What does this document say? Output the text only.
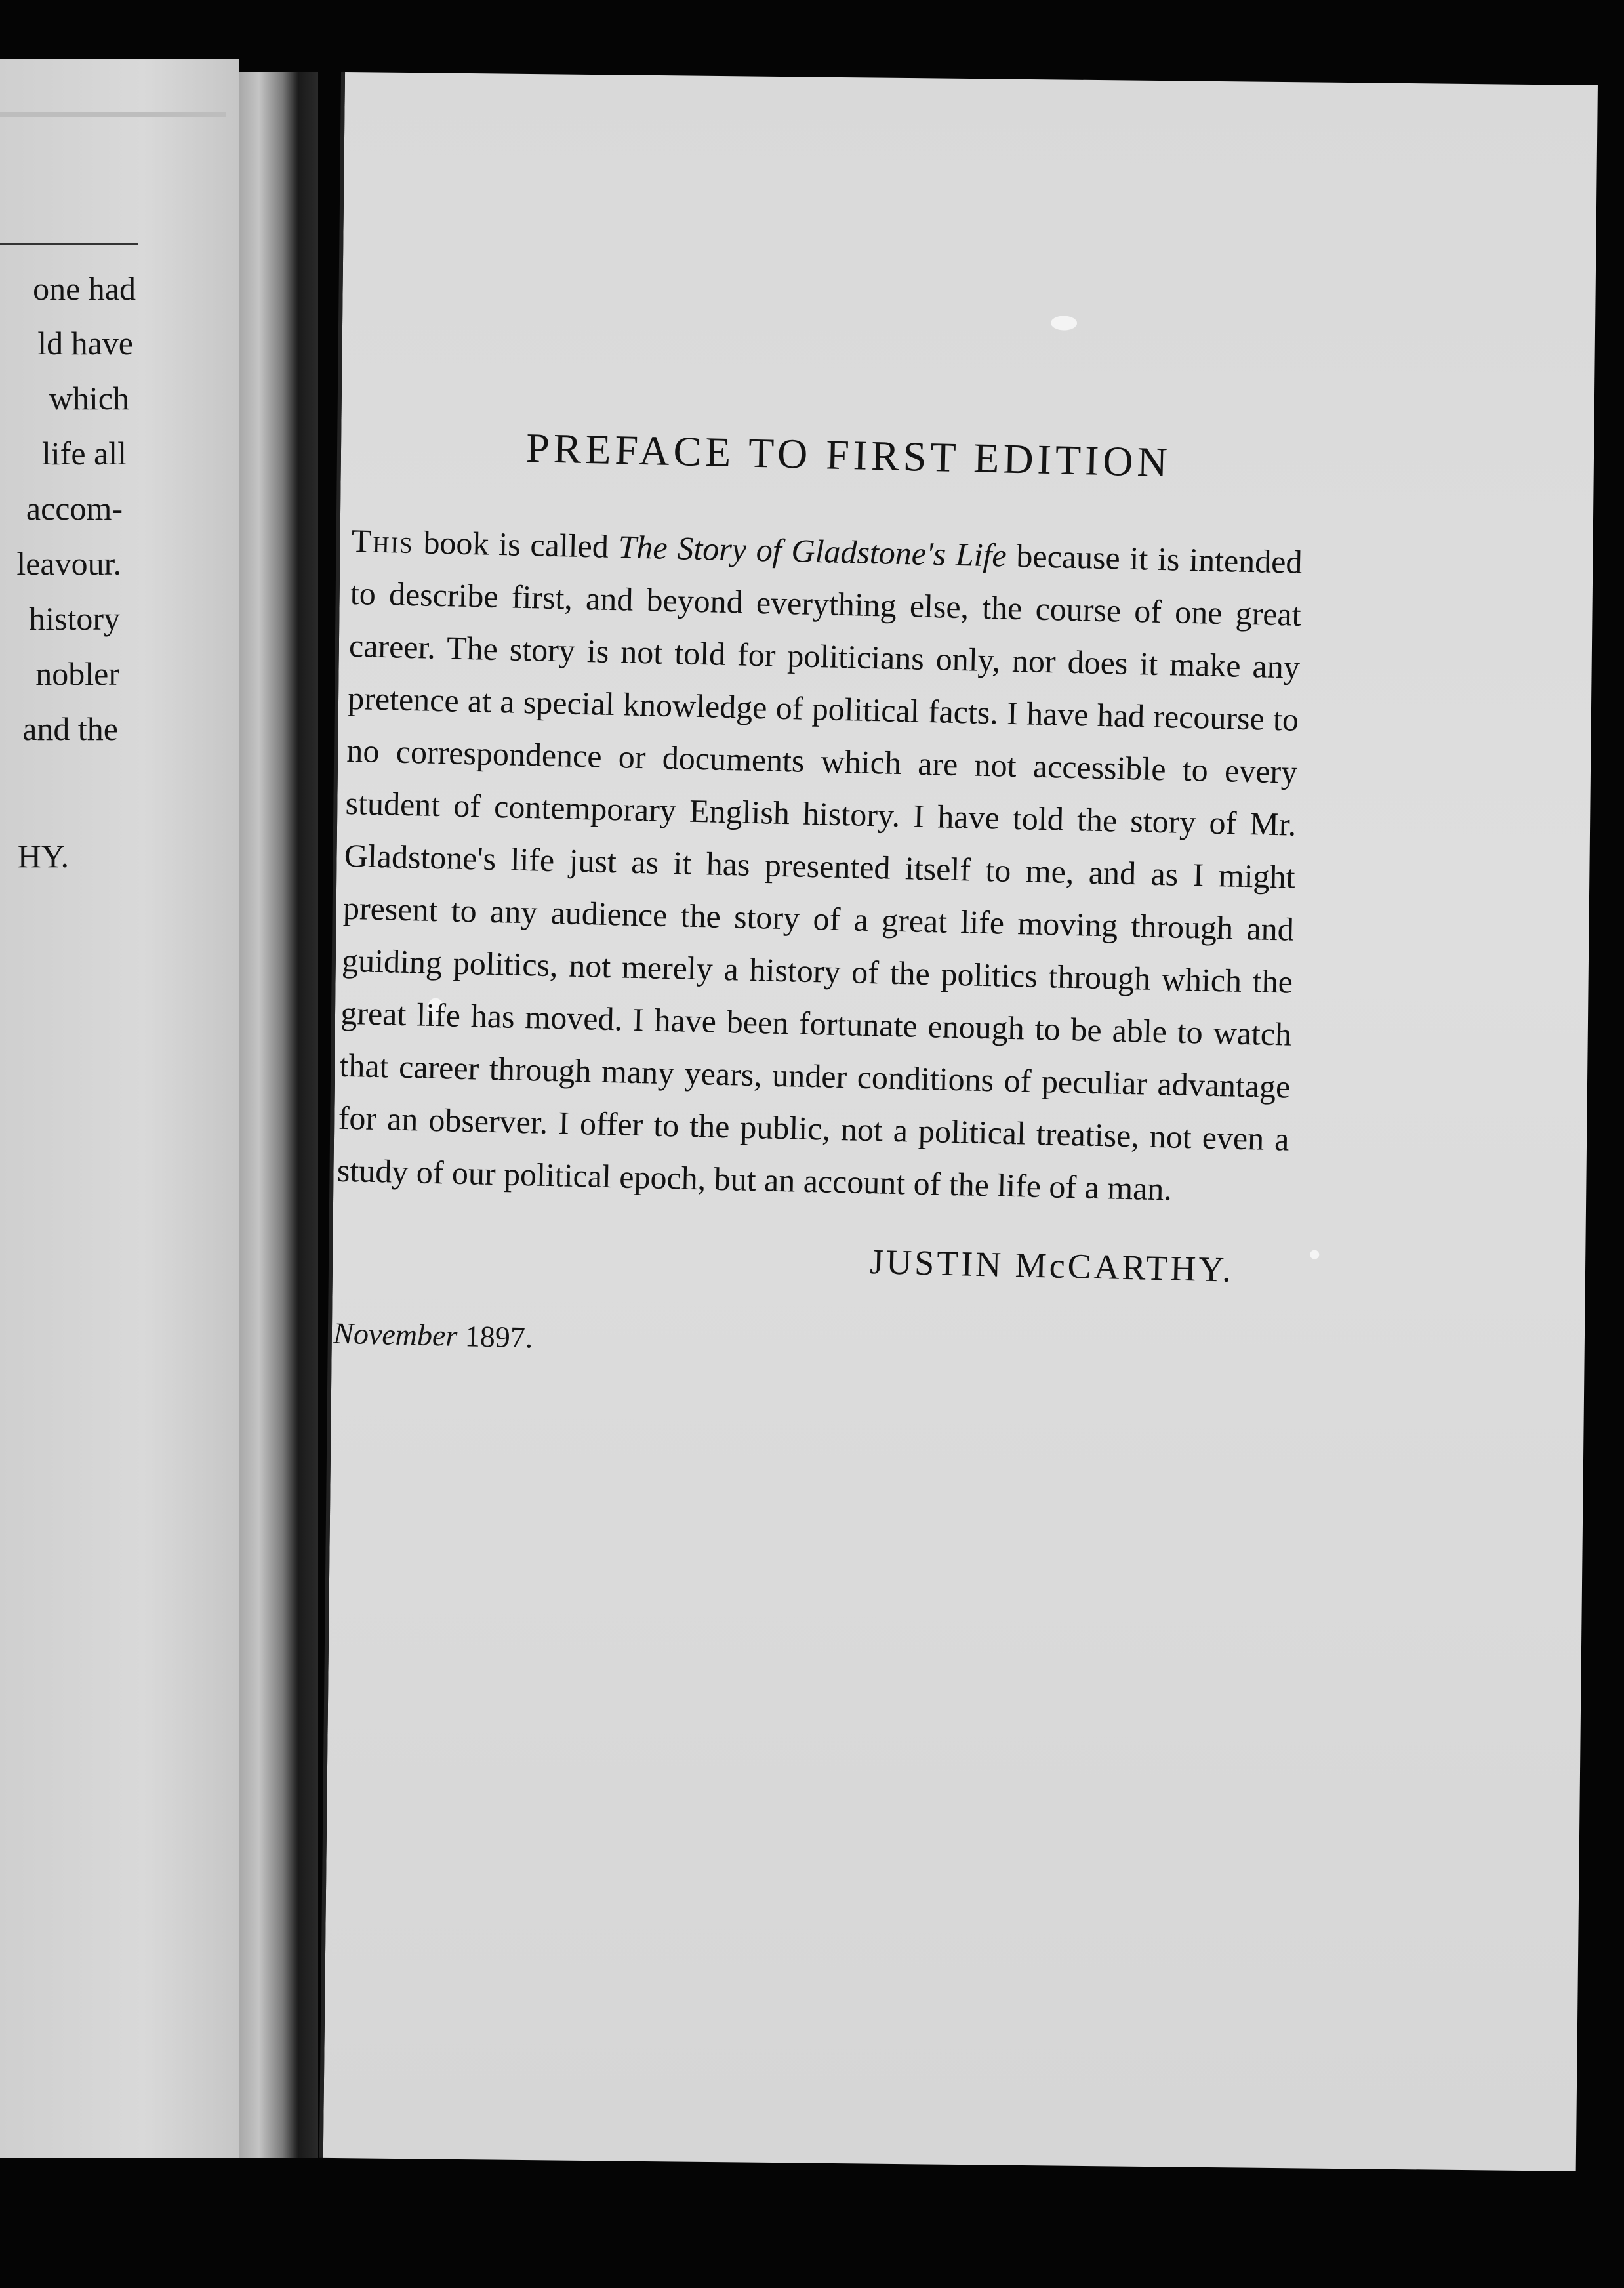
one had
ld have
which
life all
accom-
leavour.
history
nobler
and the
HY.
PREFACE TO FIRST EDITION

This book is called The Story of Gladstone's Life because it is intended to describe first, and beyond everything else, the course of one great career. The story is not told for politicians only, nor does it make any pretence at a special knowledge of political facts. I have had recourse to no correspondence or documents which are not accessible to every student of contemporary English history. I have told the story of Mr. Gladstone's life just as it has presented itself to me, and as I might present to any audience the story of a great life moving through and guiding politics, not merely a history of the politics through which the great life has moved. I have been fortunate enough to be able to watch that career through many years, under conditions of peculiar advantage for an observer. I offer to the public, not a political treatise, not even a study of our political epoch, but an account of the life of a man.

JUSTIN McCARTHY.
November 1897.
